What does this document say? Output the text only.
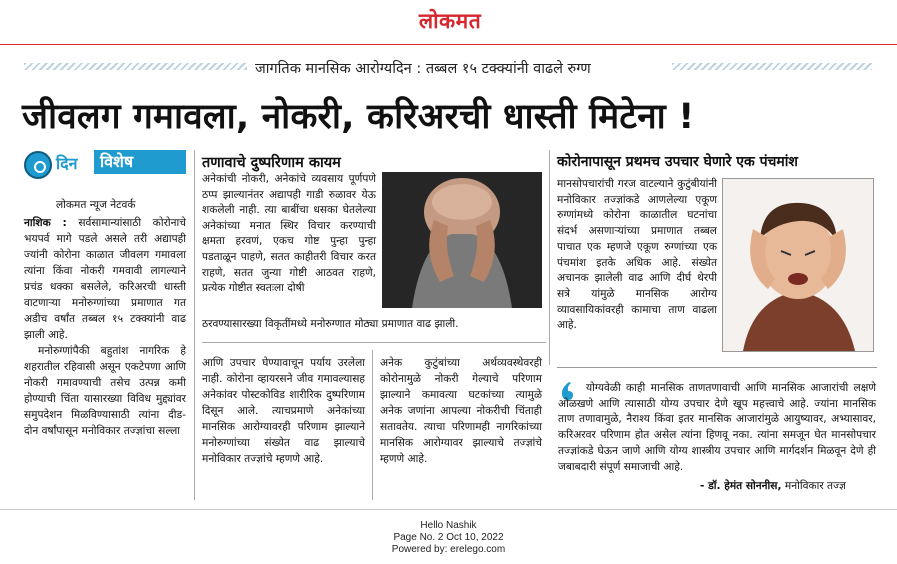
लोकमत
जागतिक मानसिक आरोग्यदिन : तब्बल १५ टक्क्यांनी वाढले रुग्ण
जीवलग गमावला, नोकरी, करिअरची धास्ती मिटेना !
दिन	विशेष
लोकमत न्यूज नेटवर्क
नाशिक : सर्वसामान्यांसाठी कोरोनाचे भयपर्व मागे पडले असले तरी अद्यापही ज्यांनी कोरोना काळात जीवलग गमावला त्यांना किंवा नोकरी गमवावी लागल्याने प्रचंड धक्का बसलेले, करिअरची धास्ती वाटणाऱ्या मनोरुग्णांच्या प्रमाणात गत अडीच वर्षांत तब्बल १५ टक्क्यांनी वाढ झाली आहे.
मनोरुग्णांपैकी बहुतांश नागरिक हे शहरातील रहिवासी असून एकटेपणा आणि नोकरी गमावण्याची तसेच उत्पन्न कमी होण्याची चिंता यासारख्या विविध मुद्द्यांवर समुपदेशन मिळविण्यासाठी त्यांना दीड- दोन वर्षांपासून मनोविकार तज्ज्ञांचा सल्ला
तणावाचे दुष्परिणाम कायम
अनेकांची नोकरी, अनेकांचे व्यवसाय पूर्णपणे ठप्प झाल्यानंतर अद्यापही गाडी रुळावर येऊ शकलेली नाही. त्या बाबींचा धसका घेतलेल्या अनेकांच्या मनात स्थिर विचार करण्याची क्षमता हरवणं, एकच गोष्ट पुन्हा पुन्हा पडताळून पाहणे, सतत काहीतरी विचार करत राहणे, सतत जुन्या गोष्टी आठवत राहणे, प्रत्येक गोष्टीत स्वतःला दोषी
ठरवण्यासारख्या विकृतींमध्ये मनोरुग्णात मोठ्या प्रमाणात वाढ झाली.
आणि उपचार घेण्यावाचून पर्याय उरलेला नाही. कोरोना व्हायरसने जीव गमावल्यासह अनेकांवर पोस्टकोविड शारीरिक दुष्परिणाम दिसून आले. त्याचप्रमाणे अनेकांच्या मानसिक आरोग्यावरही परिणाम झाल्याने मनोरुग्णांच्या संख्येत वाढ झाल्याचे मनोविकार तज्ज्ञांचे म्हणणे आहे.
अनेक कुटुंबांच्या अर्थव्यवस्थेवरही कोरोनामुळे नोकरी गेल्याचे परिणाम झाल्याने कमावत्या घटकांच्या त्यामुळे अनेक जणांना आपल्या नोकरीची चिंताही सतावतेय. त्याचा परिणामही नागरिकांच्या मानसिक आरोग्यावर झाल्याचे तज्ज्ञांचे म्हणणे आहे.
कोरोनापासून प्रथमच उपचार घेणारे एक पंचमांश
मानसोपचारांची गरज वाटल्याने कुटुंबीयांनी मनोविकार तज्ज्ञांकडे आणलेल्या एकूण रुग्णांमध्ये कोरोना काळातील घटनांचा संदर्भ असणाऱ्यांच्या प्रमाणात तब्बल पाचात एक म्हणजे एकूण रुग्णांच्या एक पंचमांश इतके अधिक आहे. संख्येत अचानक झालेली वाढ आणि दीर्घ थेरपी सत्रे यांमुळे मानसिक आरोग्य व्यावसायिकांवरही कामाचा ताण वाढला आहे.
योग्यवेळी काही मानसिक ताणतणावाची आणि मानसिक आजारांची लक्षणे ओळखणे आणि त्यासाठी योग्य उपचार देणे खूप महत्त्वाचे आहे. ज्यांना मानसिक ताण तणावामुळे, नैराश्य किंवा इतर मानसिक आजारांमुळे आयुष्यावर, अभ्यासावर, करिअरवर परिणाम होत असेल त्यांना हिणवू नका. त्यांना समजून घेत मानसोपचार तज्ज्ञांकडे घेऊन जाणे आणि योग्य शास्त्रीय उपचार आणि मार्गदर्शन मिळवून देणे ही जबाबदारी संपूर्ण समाजाची आहे.
- डॉ. हेमंत सोननीस, मनोविकार तज्ज्ञ
Hello Nashik
Page No. 2 Oct 10, 2022
Powered by: erelego.com
